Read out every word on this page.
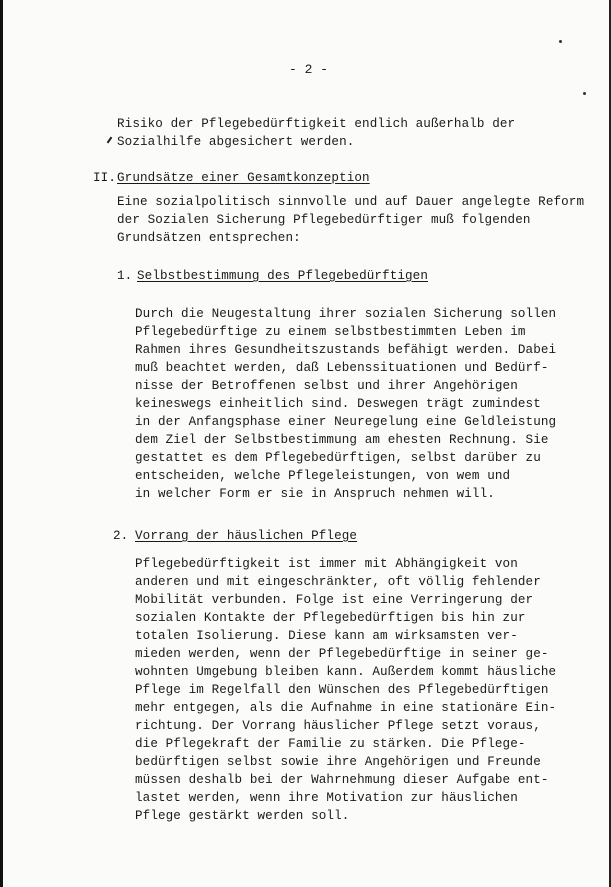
- 2 -
Risiko der Pflegebedürftigkeit endlich außerhalb der
Sozialhilfe abgesichert werden.
II. Grundsätze einer Gesamtkonzeption
Eine sozialpolitisch sinnvolle und auf Dauer angelegte Reform
der Sozialen Sicherung Pflegebedürftiger muß folgenden
Grundsätzen entsprechen:
1. Selbstbestimmung des Pflegebedürftigen
Durch die Neugestaltung ihrer sozialen Sicherung sollen
Pflegebedürftige zu einem selbstbestimmten Leben im
Rahmen ihres Gesundheitszustands befähigt werden. Dabei
muß beachtet werden, daß Lebenssituationen und Bedürf-
nisse der Betroffenen selbst und ihrer Angehörigen
keineswegs einheitlich sind. Deswegen trägt zumindest
in der Anfangsphase einer Neuregelung eine Geldleistung
dem Ziel der Selbstbestimmung am ehesten Rechnung. Sie
gestattet es dem Pflegebedürftigen, selbst darüber zu
entscheiden, welche Pflegeleistungen, von wem und
in welcher Form er sie in Anspruch nehmen will.
2. Vorrang der häuslichen Pflege
Pflegebedürftigkeit ist immer mit Abhängigkeit von
anderen und mit eingeschränkter, oft völlig fehlender
Mobilität verbunden. Folge ist eine Verringerung der
sozialen Kontakte der Pflegebedürftigen bis hin zur
totalen Isolierung. Diese kann am wirksamsten ver-
mieden werden, wenn der Pflegebedürftige in seiner ge-
wohnten Umgebung bleiben kann. Außerdem kommt häusliche
Pflege im Regelfall den Wünschen des Pflegebedürftigen
mehr entgegen, als die Aufnahme in eine stationäre Ein-
richtung. Der Vorrang häuslicher Pflege setzt voraus,
die Pflegekraft der Familie zu stärken. Die Pflege-
bedürftigen selbst sowie ihre Angehörigen und Freunde
müssen deshalb bei der Wahrnehmung dieser Aufgabe ent-
lastet werden, wenn ihre Motivation zur häuslichen
Pflege gestärkt werden soll.
